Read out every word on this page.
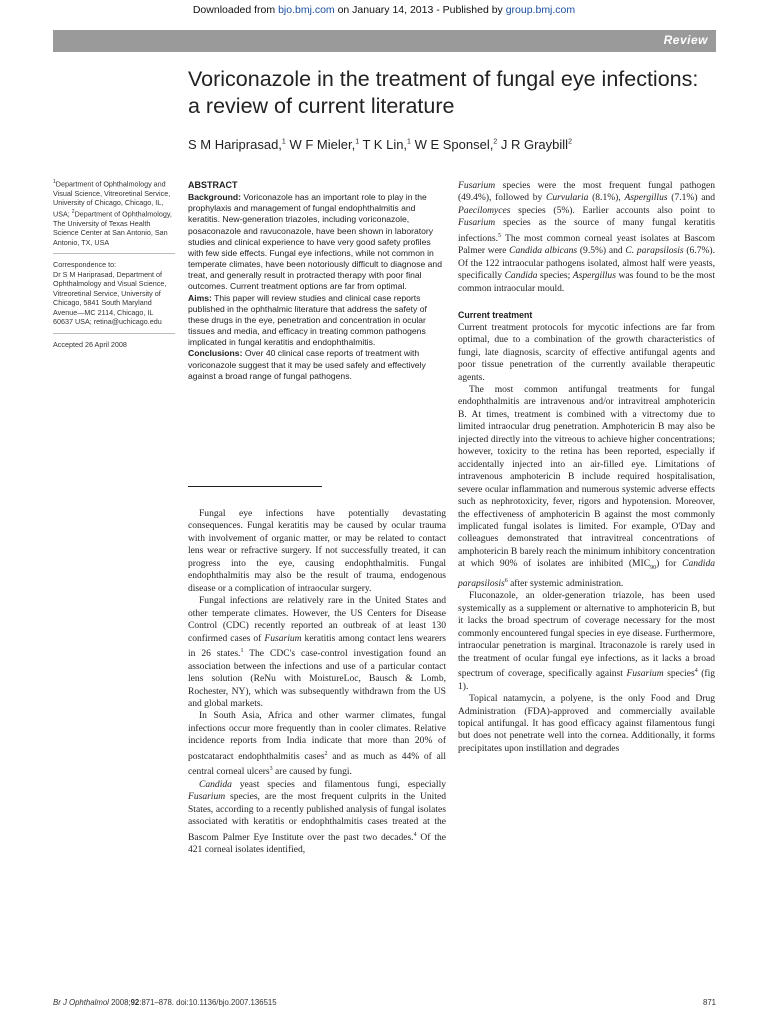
Downloaded from bjo.bmj.com on January 14, 2013 - Published by group.bmj.com
Review
Voriconazole in the treatment of fungal eye infections: a review of current literature
S M Hariprasad,$^1$ W F Mieler,$^1$ T K Lin,$^1$ W E Sponsel,$^2$ J R Graybill$^2$

$^1$Department of Ophthalmology and Visual Science, Vitreoretinal Service, University of Chicago, Chicago, IL, USA; $^2$Department of Ophthalmology, The University of Texas Health Science Center at San Antonio, San Antonio, TX, USA

Correspondence to:

Dr S M Hariprasad, Department of Ophthalmology and Visual Science, Vitreoretinal Service, University of Chicago, 5841 South Maryland Avenue—MC 2114, Chicago, IL 60637 USA; retina@uchicago.edu

Accepted 26 April 2008

ABSTRACT

Background: Voriconazole has an important role to play in the prophylaxis and management of fungal endophthalmitis and keratitis. New-generation triazoles, including voriconazole, posaconazole and ravuconazole, have been shown in laboratory studies and clinical experience to have very good safety profiles with few side effects. Fungal eye infections, while not common in temperate climates, have been notoriously difficult to diagnose and treat, and generally result in protracted therapy with poor final outcomes. Current treatment options are far from optimal.

Aims: This paper will review studies and clinical case reports published in the ophthalmic literature that address the safety of these drugs in the eye, penetration and concentration in ocular tissues and media, and efficacy in treating common pathogens implicated in fungal keratitis and endophthalmitis.

Conclusions: Over 40 clinical case reports of treatment with voriconazole suggest that it may be used safely and effectively against a broad range of fungal pathogens.

Fungal eye infections have potentially devastating consequences. Fungal keratitis may be caused by ocular trauma with involvement of organic matter, or may be related to contact lens wear or refractive surgery. If not successfully treated, it can progress into the eye, causing endophthalmitis. Fungal endophthalmitis may also be the result of trauma, endogenous disease or a complication of intraocular surgery.

Fungal infections are relatively rare in the United States and other temperate climates. However, the US Centers for Disease Control (CDC) recently reported an outbreak of at least 130 confirmed cases of Fusarium keratitis among contact lens wearers in 26 states.$^1$ The CDC's case-control investigation found an association between the infections and use of a particular contact lens solution (ReNu with MoistureLoc, Bausch & Lomb, Rochester, NY), which was subsequently withdrawn from the US and global markets.

In South Asia, Africa and other warmer climates, fungal infections occur more frequently than in cooler climates. Relative incidence reports from India indicate that more than 20% of postcataract endophthalmitis cases$^2$ and as much as 44% of all central corneal ulcers$^3$ are caused by fungi.

Candida yeast species and filamentous fungi, especially Fusarium species, are the most frequent culprits in the United States, according to a recently published analysis of fungal isolates associated with keratitis or endophthalmitis cases treated at the Bascom Palmer Eye Institute over the past two decades.$^4$ Of the 421 corneal isolates identified,

Fusarium species were the most frequent fungal pathogen (49.4%), followed by Curvularia (8.1%), Aspergillus (7.1%) and Paecilomyces species (5%). Earlier accounts also point to Fusarium species as the source of many fungal keratitis infections.$^5$ The most common corneal yeast isolates at Bascom Palmer were Candida albicans (9.5%) and C. parapsilosis (6.7%). Of the 122 intraocular pathogens isolated, almost half were yeasts, specifically Candida species; Aspergillus was found to be the most common intraocular mould.

Current treatment

Current treatment protocols for mycotic infections are far from optimal, due to a combination of the growth characteristics of fungi, late diagnosis, scarcity of effective antifungal agents and poor tissue penetration of the currently available therapeutic agents.

The most common antifungal treatments for fungal endophthalmitis are intravenous and/or intravitreal amphotericin B. At times, treatment is combined with a vitrectomy due to limited intraocular drug penetration. Amphotericin B may also be injected directly into the vitreous to achieve higher concentrations; however, toxicity to the retina has been reported, especially if accidentally injected into an air-filled eye. Limitations of intravenous amphotericin B include required hospitalisation, severe ocular inflammation and numerous systemic adverse effects such as nephrotoxicity, fever, rigors and hypotension. Moreover, the effectiveness of amphotericin B against the most commonly implicated fungal isolates is limited. For example, O'Day and colleagues demonstrated that intravitreal concentrations of amphotericin B barely reach the minimum inhibitory concentration at which 90% of isolates are inhibited $(MIC_{90})$ for Candida parapsilosis$^6$ after systemic administration.

Fluconazole, an older-generation triazole, has been used systemically as a supplement or alternative to amphotericin B, but it lacks the broad spectrum of coverage necessary for the most commonly encountered fungal species in eye disease. Furthermore, intraocular penetration is marginal. Itraconazole is rarely used in the treatment of ocular fungal eye infections, as it lacks a broad spectrum of coverage, specifically against Fusarium species$^4$ (fig 1).

Topical natamycin, a polyene, is the only Food and Drug Administration (FDA)-approved and commercially available topical antifungal. It has good efficacy against filamentous fungi but does not penetrate well into the cornea. Additionally, it forms precipitates upon instillation and degrades

Br J Ophthalmol 2008;92:871–878. doi:10.1136/bjo.2007.136515	871
